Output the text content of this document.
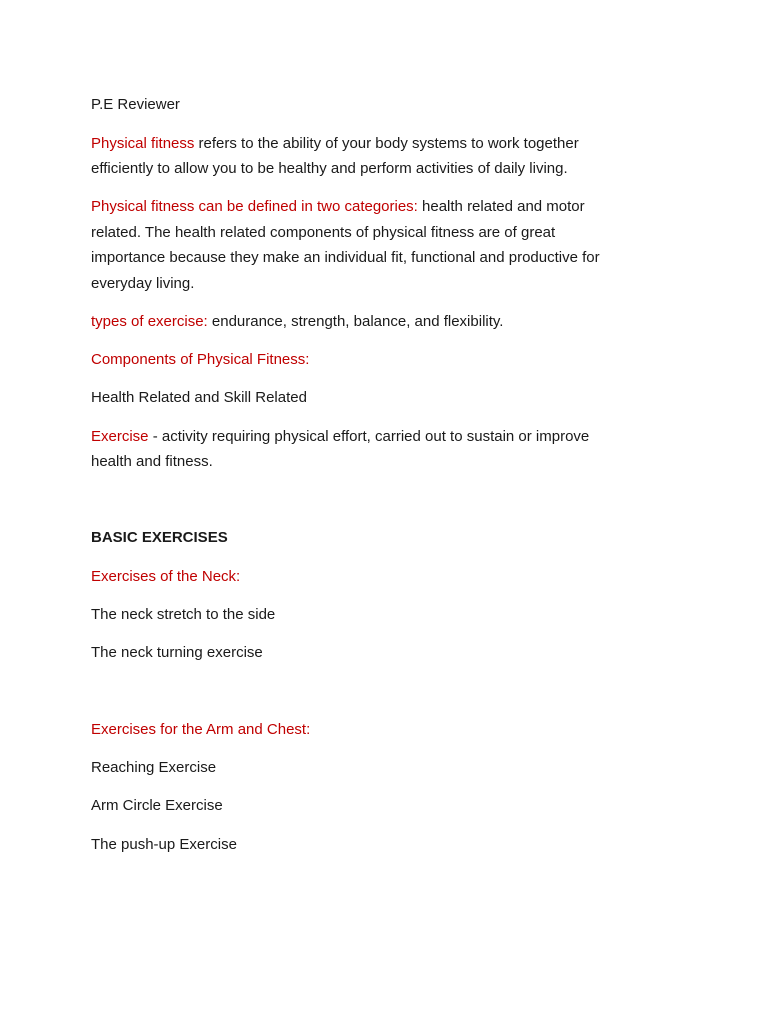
P.E Reviewer
Physical fitness refers to the ability of your body systems to work together
efficiently to allow you to be healthy and perform activities of daily living.
Physical fitness can be defined in two categories: health related and motor
related. The health related components of physical fitness are of great
importance because they make an individual fit, functional and productive for
everyday living.
types of exercise: endurance, strength, balance, and flexibility.
Components of Physical Fitness:
Health Related and Skill Related
Exercise - activity requiring physical effort, carried out to sustain or improve
health and fitness.
BASIC EXERCISES
Exercises of the Neck:
The neck stretch to the side
The neck turning exercise
Exercises for the Arm and Chest:
Reaching Exercise
Arm Circle Exercise
The push-up Exercise
